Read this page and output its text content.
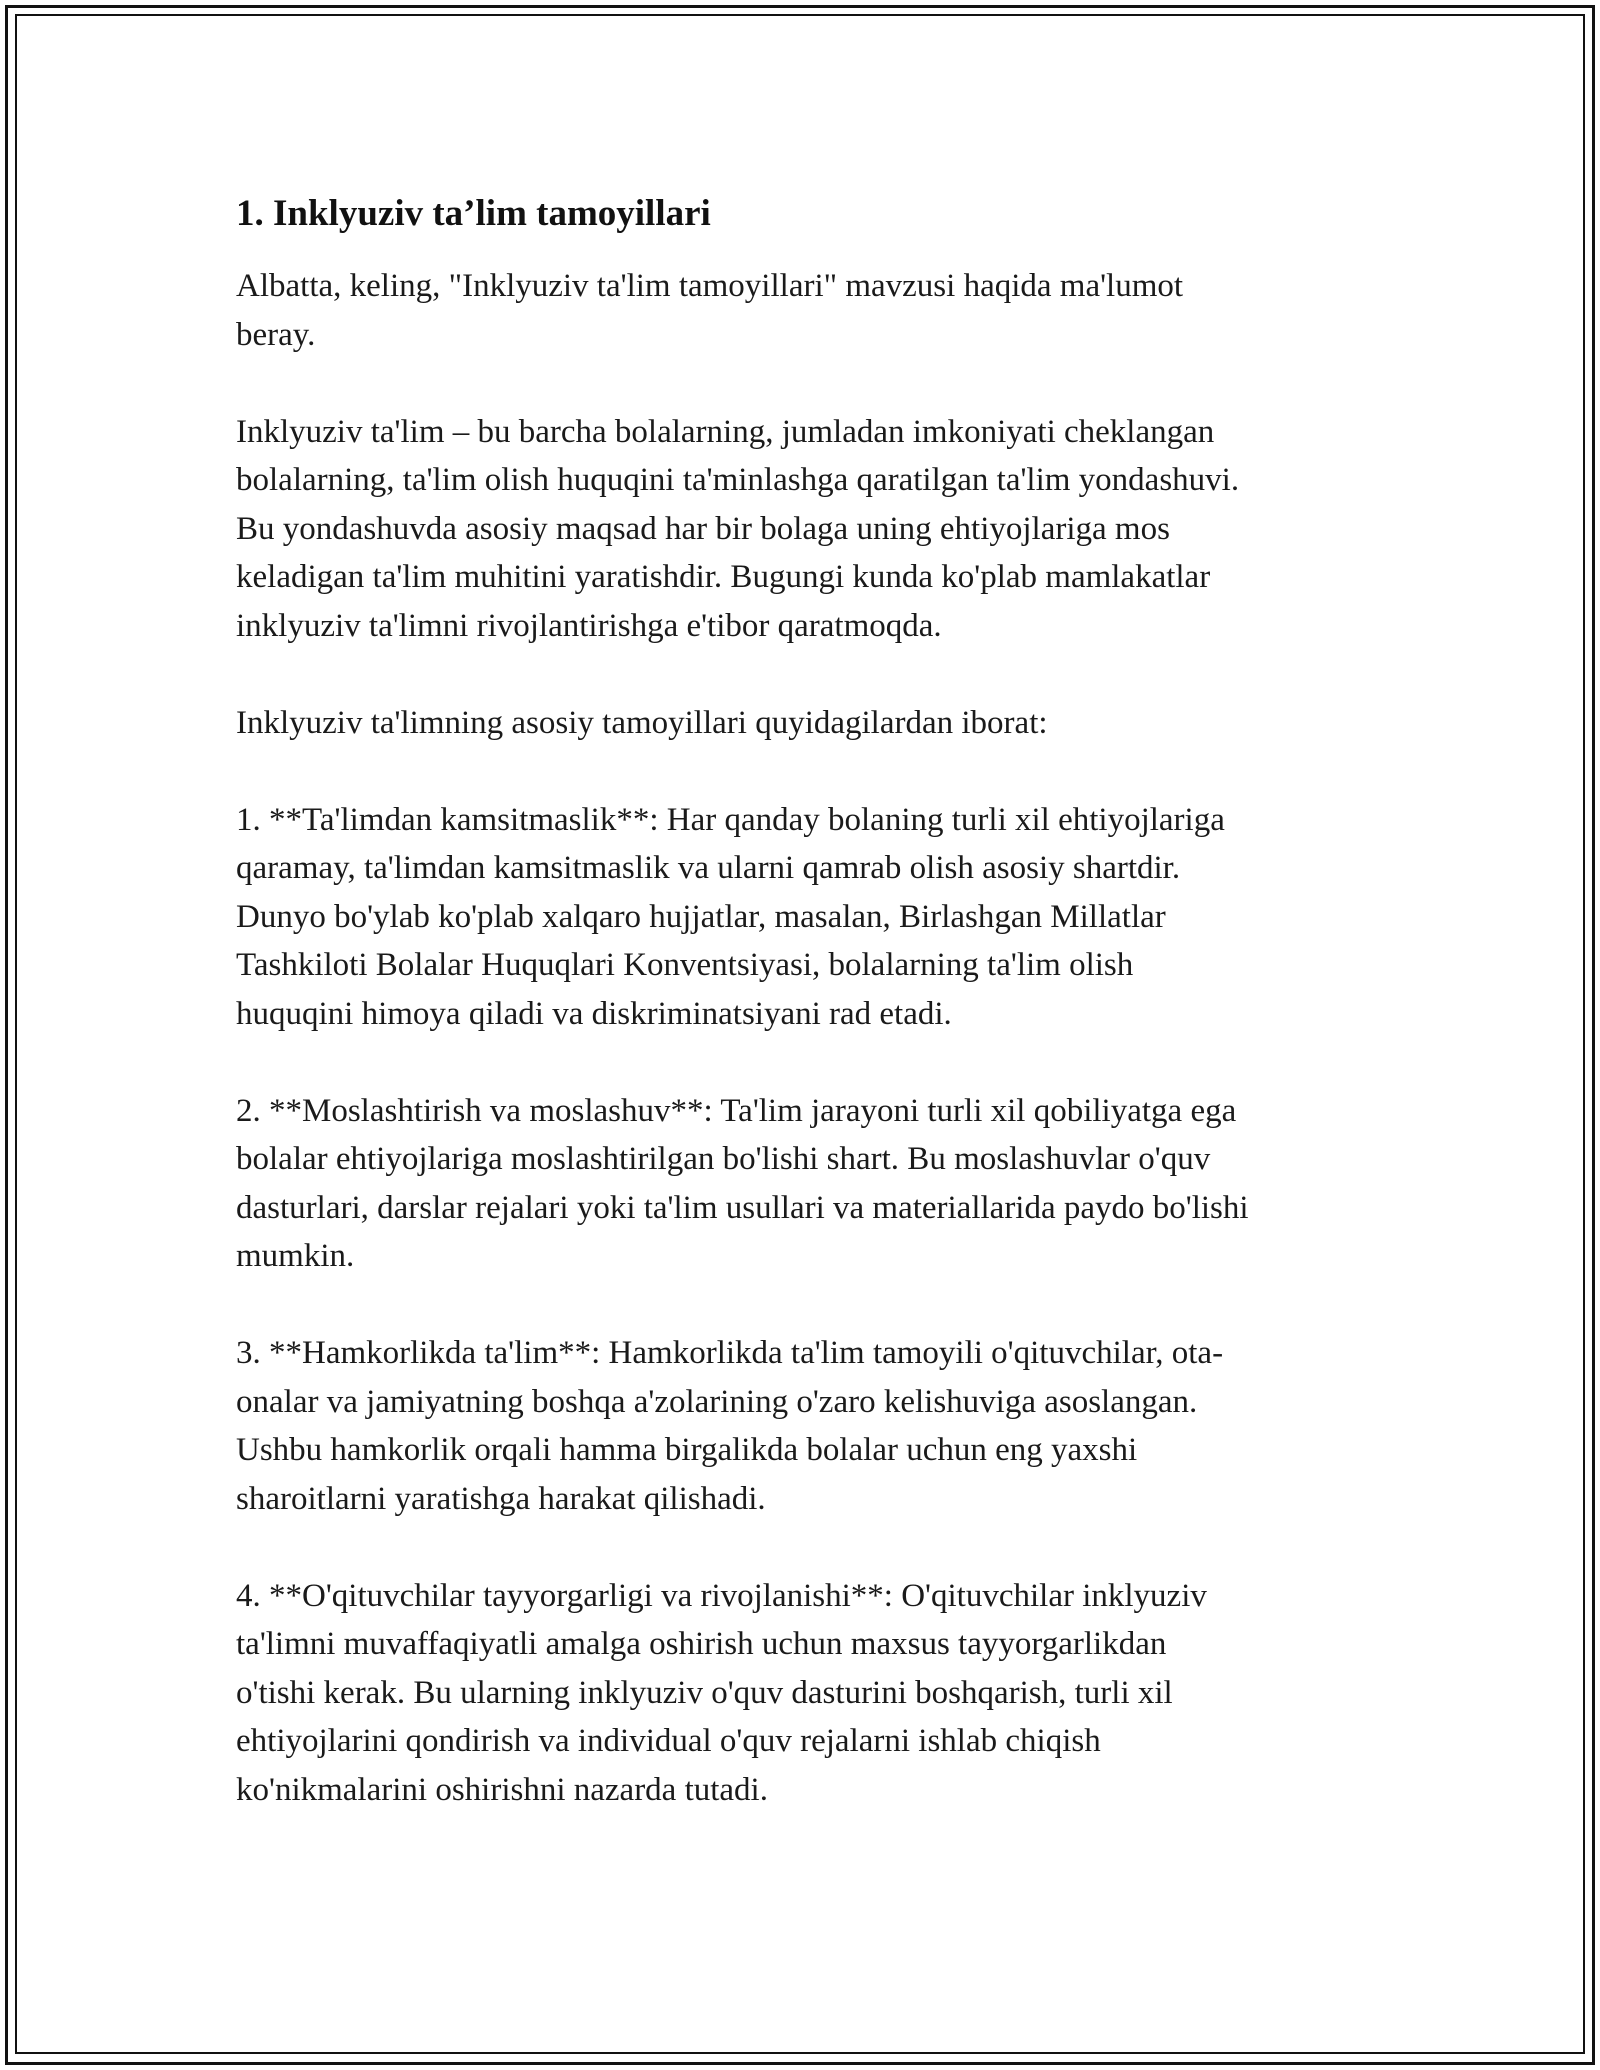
1. Inklyuziv ta’lim tamoyillari

Albatta, keling, "Inklyuziv ta'lim tamoyillari" mavzusi haqida ma'lumot
beray.

Inklyuziv ta'lim – bu barcha bolalarning, jumladan imkoniyati cheklangan
bolalarning, ta'lim olish huquqini ta'minlashga qaratilgan ta'lim yondashuvi.
Bu yondashuvda asosiy maqsad har bir bolaga uning ehtiyojlariga mos
keladigan ta'lim muhitini yaratishdir. Bugungi kunda ko'plab mamlakatlar
inklyuziv ta'limni rivojlantirishga e'tibor qaratmoqda.

Inklyuziv ta'limning asosiy tamoyillari quyidagilardan iborat:

1. **Ta'limdan kamsitmaslik**: Har qanday bolaning turli xil ehtiyojlariga
qaramay, ta'limdan kamsitmaslik va ularni qamrab olish asosiy shartdir.
Dunyo bo'ylab ko'plab xalqaro hujjatlar, masalan, Birlashgan Millatlar
Tashkiloti Bolalar Huquqlari Konventsiyasi, bolalarning ta'lim olish
huquqini himoya qiladi va diskriminatsiyani rad etadi.

2. **Moslashtirish va moslashuv**: Ta'lim jarayoni turli xil qobiliyatga ega
bolalar ehtiyojlariga moslashtirilgan bo'lishi shart. Bu moslashuvlar o'quv
dasturlari, darslar rejalari yoki ta'lim usullari va materiallarida paydo bo'lishi
mumkin.

3. **Hamkorlikda ta'lim**: Hamkorlikda ta'lim tamoyili o'qituvchilar, ota-
onalar va jamiyatning boshqa a'zolarining o'zaro kelishuviga asoslangan.
Ushbu hamkorlik orqali hamma birgalikda bolalar uchun eng yaxshi
sharoitlarni yaratishga harakat qilishadi.

4. **O'qituvchilar tayyorgarligi va rivojlanishi**: O'qituvchilar inklyuziv
ta'limni muvaffaqiyatli amalga oshirish uchun maxsus tayyorgarlikdan
o'tishi kerak. Bu ularning inklyuziv o'quv dasturini boshqarish, turli xil
ehtiyojlarini qondirish va individual o'quv rejalarni ishlab chiqish
ko'nikmalarini oshirishni nazarda tutadi.
